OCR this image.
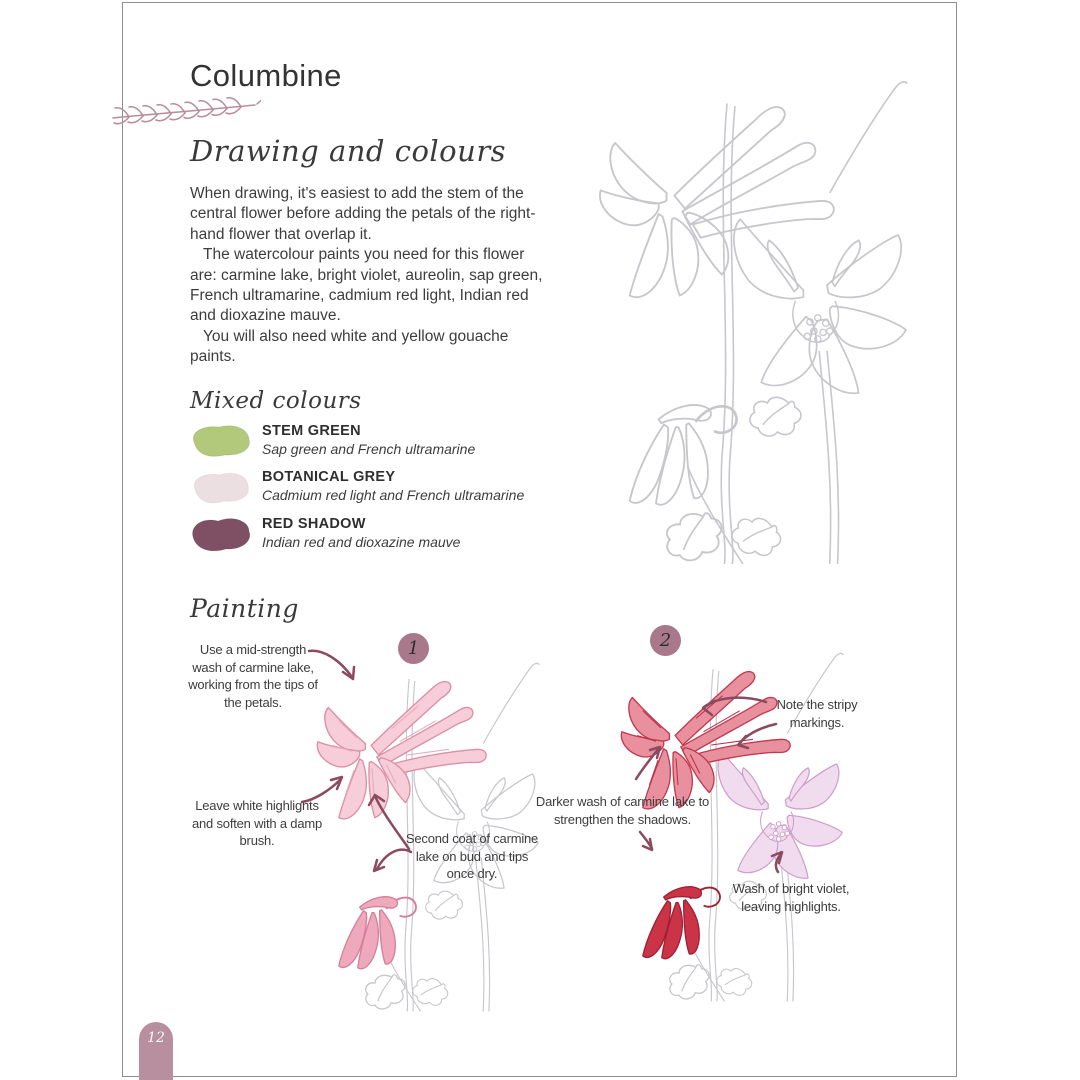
Columbine
Drawing and colours

When drawing, it's easiest to add the stem of the central flower before adding the petals of the right-hand flower that overlap it.

The watercolour paints you need for this flower are: carmine lake, bright violet, aureolin, sap green, French ultramarine, cadmium red light, Indian red and dioxazine mauve.

You will also need white and yellow gouache paints.

Mixed colours
STEM GREEN
Sap green and French ultramarine
BOTANICAL GREY
Cadmium red light and French ultramarine
RED SHADOW
Indian red and dioxazine mauve
Painting
1	2
Use a mid-strength wash of carmine lake, working from the tips of the petals.
Leave white highlights and soften with a damp brush.	Second coat of carmine lake on bud and tips once dry.
Note the stripy markings.
Darker wash of carmine lake to strengthen the shadows.
Wash of bright violet, leaving highlights.
12
